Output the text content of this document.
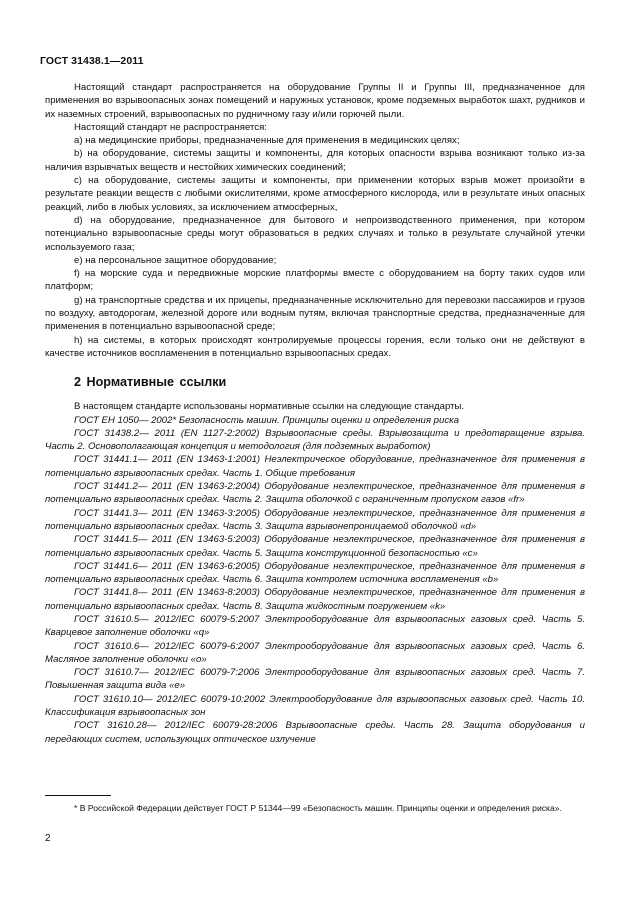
ГОСТ 31438.1—2011

Настоящий стандарт распространяется на оборудование Группы II и Группы III, предназначенное для применения во взрывоопасных зонах помещений и наружных установок, кроме подземных выработок шахт, рудников и их наземных строений, взрывоопасных по рудничному газу и/или горючей пыли.

Настоящий стандарт не распространяется:

а) на медицинские приборы, предназначенные для применения в медицинских целях;

b) на оборудование, системы защиты и компоненты, для которых опасности взрыва возникают только из-за наличия взрывчатых веществ и нестойких химических соединений;

c) на оборудование, системы защиты и компоненты, при применении которых взрыв может произойти в результате реакции веществ с любыми окислителями, кроме атмосферного кислорода, или в результате иных опасных реакций, либо в любых условиях, за исключением атмосферных,

d) на оборудование, предназначенное для бытового и непроизводственного применения, при котором потенциально взрывоопасные среды могут образоваться в редких случаях и только в результате случайной утечки используемого газа;

е) на персональное защитное оборудование;

f) на морские суда и передвижные морские платформы вместе с оборудованием на борту таких судов или платформ;

g) на транспортные средства и их прицепы, предназначенные исключительно для перевозки пассажиров и грузов по воздуху, автодорогам, железной дороге или водным путям, включая транспортные средства, предназначенные для применения в потенциально взрывоопасной среде;

h) на системы, в которых происходят контролируемые процессы горения, если только они не действуют в качестве источников воспламенения в потенциально взрывоопасных средах.

2 Нормативные ссылки

В настоящем стандарте использованы нормативные ссылки на следующие стандарты.

ГОСТ ЕН 1050— 2002* Безопасность машин. Принципы оценки и определения риска

ГОСТ 31438.2— 2011 (EN 1127-2:2002) Взрывоопасные среды. Взрывозащита и предотвращение взрыва. Часть 2. Основополагающая концепция и методология (для подземных выработок)

ГОСТ 31441.1— 2011 (EN 13463-1:2001) Неэлектрическое оборудование, предназначенное для применения в потенциально взрывоопасных средах. Часть 1. Общие требования

ГОСТ 31441.2— 2011 (EN 13463-2:2004) Оборудование неэлектрическое, предназначенное для применения в потенциально взрывоопасных средах. Часть 2. Защита оболочкой с ограниченным пропуском газов «fr»

ГОСТ 31441.3— 2011 (EN 13463-3:2005) Оборудование неэлектрическое, предназначенное для применения в потенциально взрывоопасных средах. Часть 3. Защита взрывонепроницаемой оболочкой «d»

ГОСТ 31441.5— 2011 (EN 13463-5:2003) Оборудование неэлектрическое, предназначенное для применения в потенциально взрывоопасных средах. Часть 5. Защита конструкционной безопасностью «с»

ГОСТ 31441.6— 2011 (EN 13463-6:2005) Оборудование неэлектрическое, предназначенное для применения в потенциально взрывоопасных средах. Часть 6. Защита контролем источника воспламенения «b»

ГОСТ 31441.8— 2011 (EN 13463-8:2003) Оборудование неэлектрическое, предназначенное для применения в потенциально взрывоопасных средах. Часть 8. Защита жидкостным погружением «k»

ГОСТ 31610.5— 2012/IEC 60079-5:2007 Электрооборудование для взрывоопасных газовых сред. Часть 5. Кварцевое заполнение оболочки «q»

ГОСТ 31610.6— 2012/IEC 60079-6:2007 Электрооборудование для взрывоопасных газовых сред. Часть 6. Масляное заполнение оболочки «о»

ГОСТ 31610.7— 2012/IEC 60079-7:2006 Электрооборудование для взрывоопасных газовых сред. Часть 7. Повышенная защита вида «е»

ГОСТ 31610.10— 2012/IEC 60079-10:2002 Электрооборудование для взрывоопасных газовых сред. Часть 10. Классификация взрывоопасных зон

ГОСТ 31610.28— 2012/IEC 60079-28:2006 Взрывоопасные среды. Часть 28. Защита оборудования и передающих систем, использующих оптическое излучение

* В Российской Федерации действует ГОСТ Р 51344—99 «Безопасность машин. Принципы оценки и определения риска».

2
